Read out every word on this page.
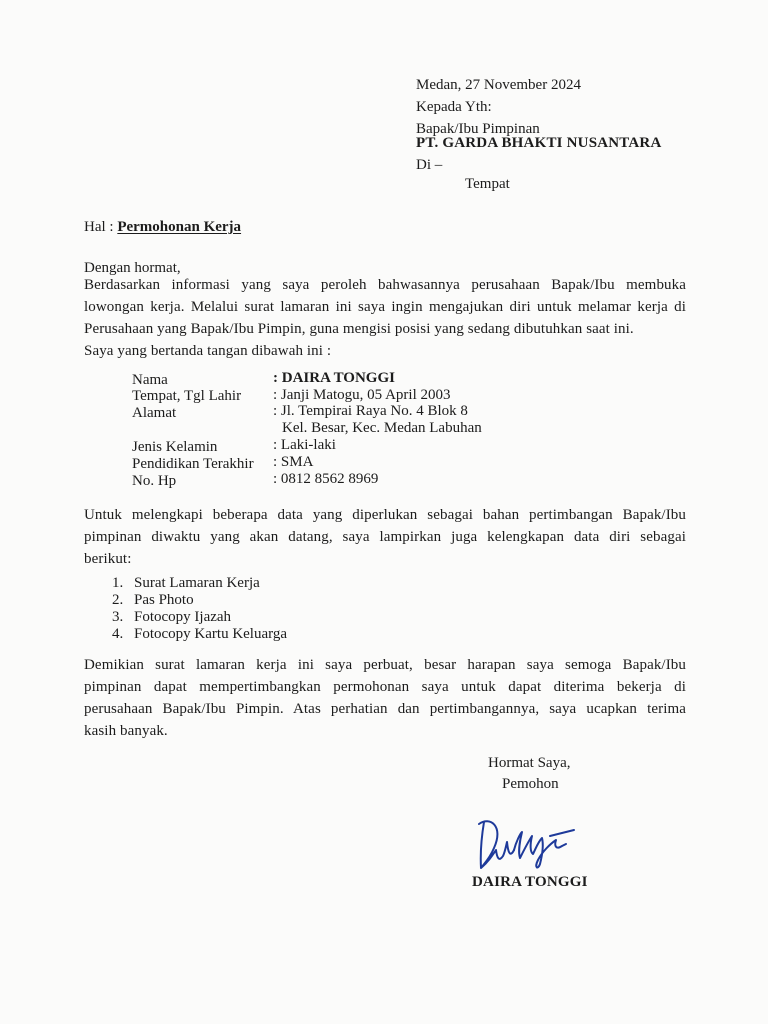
Medan, 27 November 2024
Kepada Yth:
Bapak/Ibu Pimpinan
PT. GARDA BHAKTI NUSANTARA
Di –
Tempat
Hal : Permohonan Kerja
Dengan hormat,
Berdasarkan informasi yang saya peroleh bahwasannya perusahaan Bapak/Ibu membuka
lowongan kerja. Melalui surat lamaran ini saya ingin mengajukan diri untuk melamar kerja di
Perusahaan yang Bapak/Ibu Pimpin, guna mengisi posisi yang sedang dibutuhkan saat ini.
Saya yang bertanda tangan dibawah ini :
Nama	: DAIRA TONGGI
Tempat, Tgl Lahir : Janji Matogu, 05 April 2003
Alamat	: Jl. Tempirai Raya No. 4 Blok 8
Kel. Besar, Kec. Medan Labuhan
Jenis Kelamin	: Laki-laki
Pendidikan Terakhir : SMA
No. Hp	: 0812 8562 8969
Untuk melengkapi beberapa data yang diperlukan sebagai bahan pertimbangan Bapak/Ibu
pimpinan diwaktu yang akan datang, saya lampirkan juga kelengkapan data diri sebagai
berikut:
1. Surat Lamaran Kerja
2. Pas Photo
3. Fotocopy Ijazah
4. Fotocopy Kartu Keluarga
Demikian surat lamaran kerja ini saya perbuat, besar harapan saya semoga Bapak/Ibu
pimpinan dapat mempertimbangkan permohonan saya untuk dapat diterima bekerja di
perusahaan Bapak/Ibu Pimpin. Atas perhatian dan pertimbangannya, saya ucapkan terima
kasih banyak.
Hormat Saya,
Pemohon
DAIRA TONGGI
